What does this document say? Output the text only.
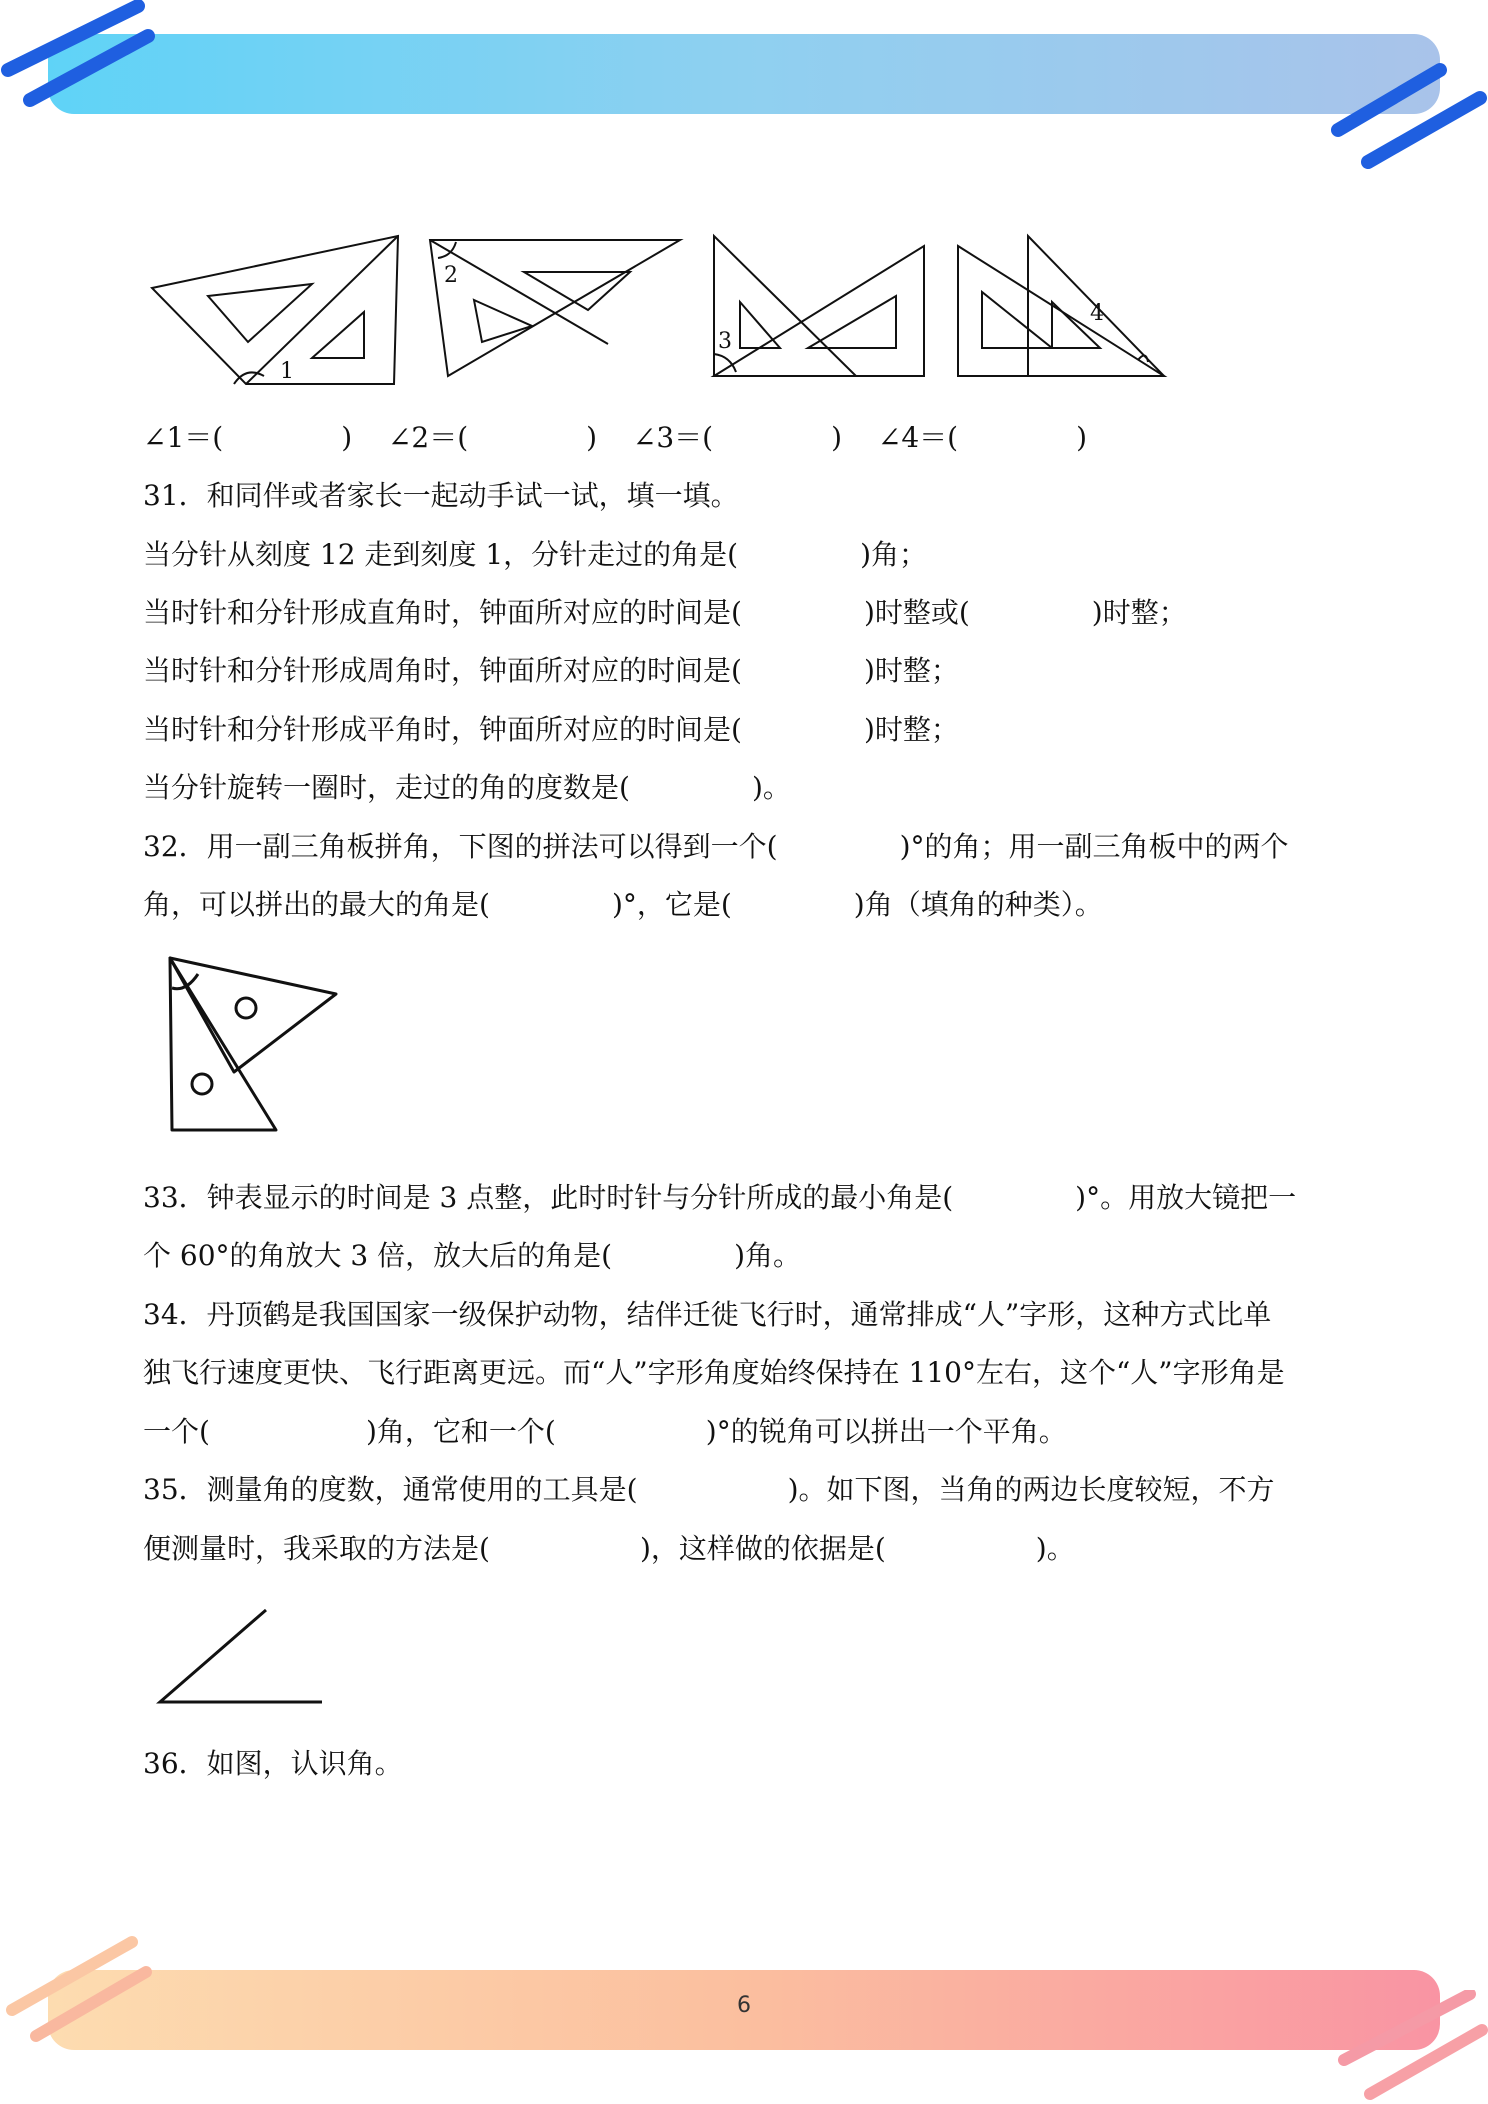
6
1
2
3
4
∠1＝(	) ∠2＝(	) ∠3＝(	) ∠4＝(	)
31．和同伴或者家长一起动手试一试，填一填。
当分针从刻度 12 走到刻度 1，分针走过的角是(	)角；
当时针和分针形成直角时，钟面所对应的时间是(	)时整或(	)时整；
当时针和分针形成周角时，钟面所对应的时间是(	)时整；
当时针和分针形成平角时，钟面所对应的时间是(	)时整；
当分针旋转一圈时，走过的角的度数是(	)。
32．用一副三角板拼角，下图的拼法可以得到一个(	)°的角；用一副三角板中的两个
角，可以拼出的最大的角是(	)°，它是(	)角（填角的种类）。
33．钟表显示的时间是 3 点整，此时时针与分针所成的最小角是(	)°。用放大镜把一
个 60°的角放大 3 倍，放大后的角是(	)角。
34．丹顶鹤是我国国家一级保护动物，结伴迁徙飞行时，通常排成“人”字形，这种方式比单
独飞行速度更快、飞行距离更远。而“人”字形角度始终保持在 110°左右，这个“人”字形角是
一个(	)角，它和一个(	)°的锐角可以拼出一个平角。
35．测量角的度数，通常使用的工具是(	)。如下图，当角的两边长度较短，不方
便测量时，我采取的方法是(	)，这样做的依据是(	)。
36．如图，认识角。
